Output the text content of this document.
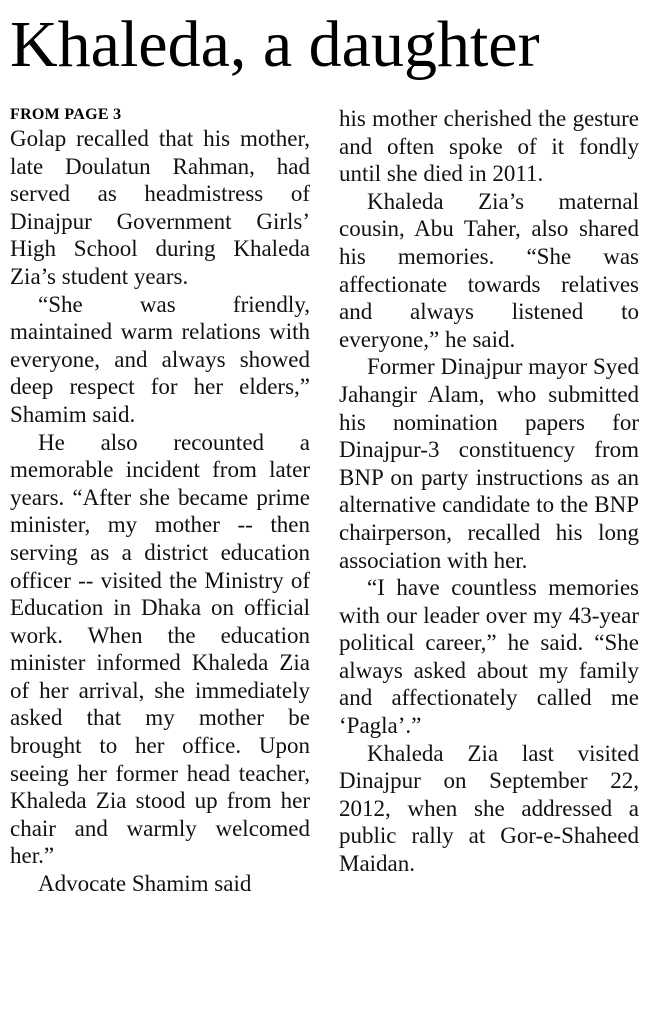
Khaleda, a daughter

FROM PAGE 3

Golap recalled that his mother, late Doulatun Rahman, had served as headmistress of Dinajpur Government Girls’ High School during Khaleda Zia’s student years.

“She was friendly, maintained warm relations with everyone, and always showed deep respect for her elders,” Shamim said.

He also recounted a memorable incident from later years. “After she became prime minister, my mother -- then serving as a district education officer -- visited the Ministry of Education in Dhaka on official work. When the education minister informed Khaleda Zia of her arrival, she immediately asked that my mother be brought to her office. Upon seeing her former head teacher, Khaleda Zia stood up from her chair and warmly welcomed her.”

Advocate Shamim said

his mother cherished the gesture and often spoke of it fondly until she died in 2011.

Khaleda Zia’s maternal cousin, Abu Taher, also shared his memories. “She was affectionate towards relatives and always listened to everyone,” he said.

Former Dinajpur mayor Syed Jahangir Alam, who submitted his nomination papers for Dinajpur-3 constituency from BNP on party instructions as an alternative candidate to the BNP chairperson, recalled his long association with her.

“I have countless memories with our leader over my 43-year political career,” he said. “She always asked about my family and affectionately called me ‘Pagla’.”

Khaleda Zia last visited Dinajpur on September 22, 2012, when she addressed a public rally at Gor-e-Shaheed Maidan.
